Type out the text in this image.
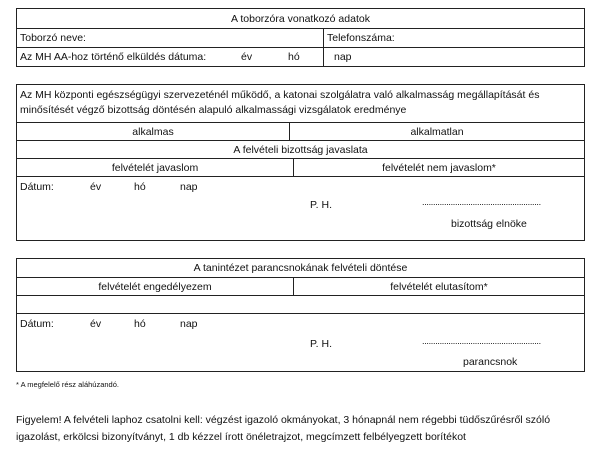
A toborzóra vonatkozó adatok
Toborzó neve:	Telefonszáma:
Az MH AA-hoz történő elküldés dátuma:	év	hó	nap
Az MH központi egészségügyi szervezeténél működő, a katonai szolgálatra való alkalmasság megállapítását és minősítését végző bizottság döntésén alapuló alkalmassági vizsgálatok eredménye
alkalmas	alkalmatlan
A felvételi bizottság javaslata
felvételét javaslom	felvételét nem javaslom*
Dátum:	év	hó	nap
P. H.	......................................................
bizottság elnöke
A tanintézet parancsnokának felvételi döntése
felvételét engedélyezem	felvételét elutasítom*
Dátum:	év	hó	nap
P. H.	......................................................
parancsnok
* A megfelelő rész aláhúzandó.
Figyelem! A felvételi laphoz csatolni kell: végzést igazoló okmányokat, 3 hónapnál nem régebbi tüdőszűrésről szóló igazolást, erkölcsi bizonyítványt, 1 db kézzel írott önéletrajzot, megcímzett felbélyegzett borítékot
